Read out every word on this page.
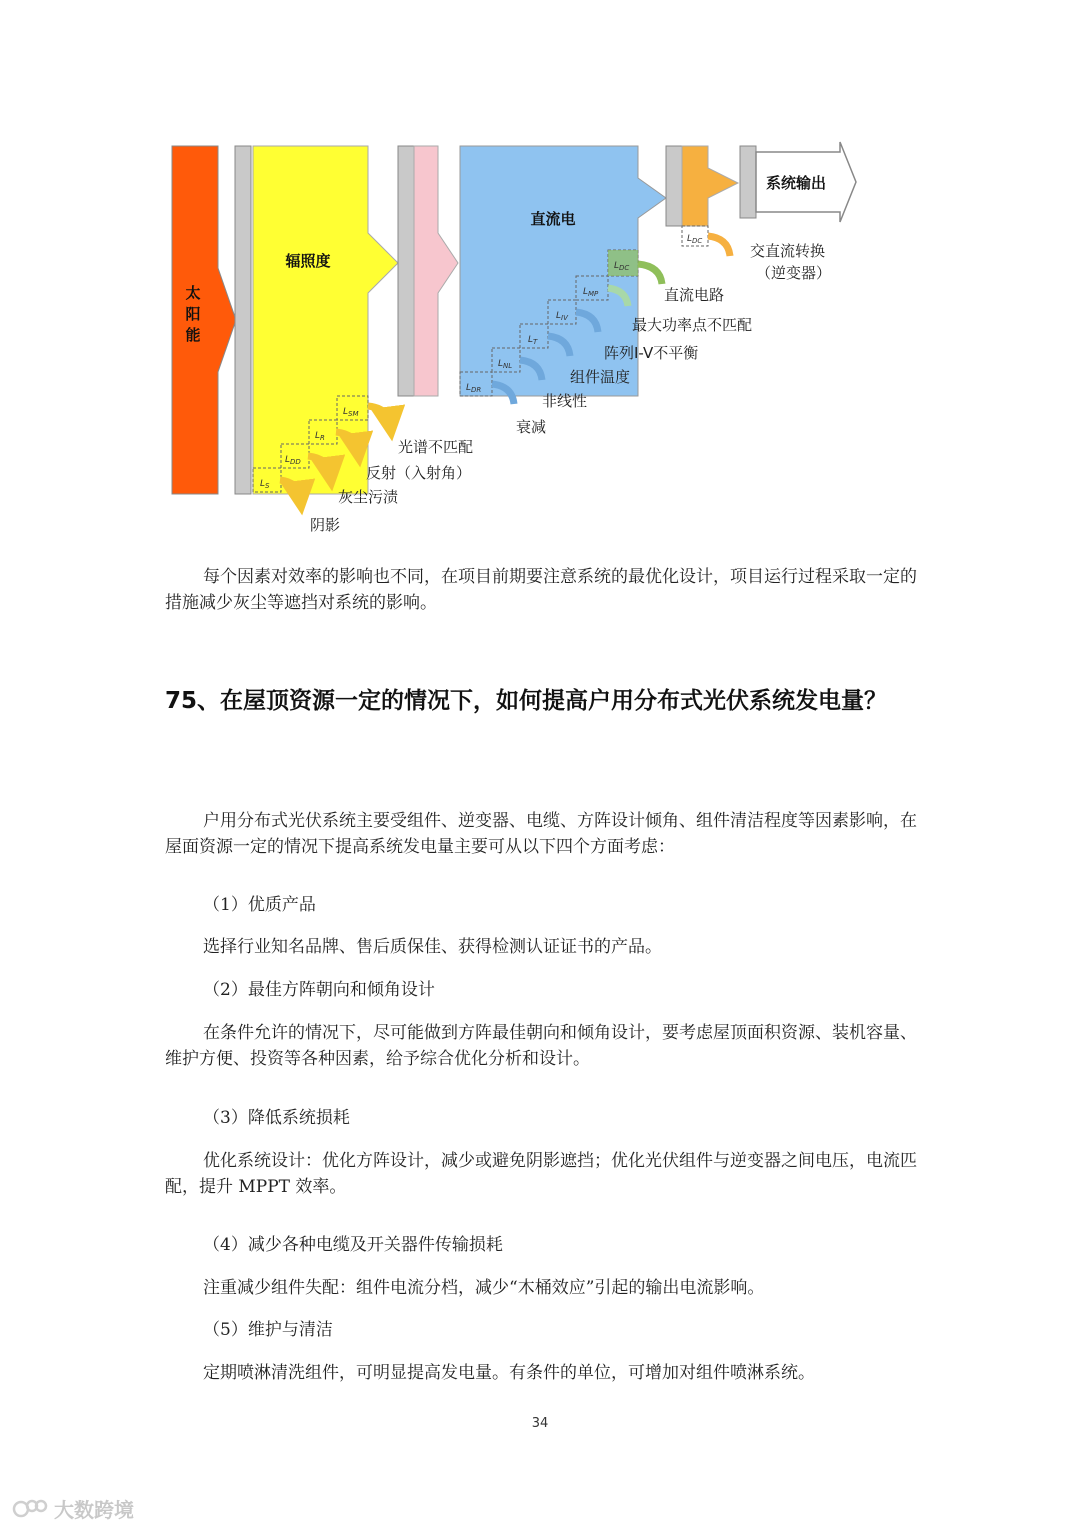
太
阳
能
辐照度
直流电
系统输出
$L_S$
$L_{DD}$
$L_R$
$L_{SM}$
阴影
灰尘污渍
反射（入射角）
光谱不匹配
$L_{DR}$
$L_{NL}$
$L_T$
$L_{IV}$
$L_{MP}$
$L_{DC}$
$L_{DC}$
衰减
非线性
组件温度
阵列I-V不平衡
最大功率点不匹配
直流电路
交直流转换
（逆变器）
每个因素对效率的影响也不同，在项目前期要注意系统的最优化设计，项目运行过程采取一定的措施减少灰尘等遮挡对系统的影响。
75、在屋顶资源一定的情况下，如何提高户用分布式光伏系统发电量？
户用分布式光伏系统主要受组件、逆变器、电缆、方阵设计倾角、组件清洁程度等因素影响，在屋面资源一定的情况下提高系统发电量主要可从以下四个方面考虑：
（1）优质产品
选择行业知名品牌、售后质保佳、获得检测认证证书的产品。
（2）最佳方阵朝向和倾角设计
在条件允许的情况下，尽可能做到方阵最佳朝向和倾角设计，要考虑屋顶面积资源、装机容量、维护方便、投资等各种因素，给予综合优化分析和设计。
（3）降低系统损耗
优化系统设计：优化方阵设计，减少或避免阴影遮挡；优化光伏组件与逆变器之间电压，电流匹配，提升 MPPT 效率。
（4）减少各种电缆及开关器件传输损耗
注重减少组件失配：组件电流分档，减少“木桶效应”引起的输出电流影响。
（5）维护与清洁
定期喷淋清洗组件，可明显提高发电量。有条件的单位，可增加对组件喷淋系统。
34
大数跨境
